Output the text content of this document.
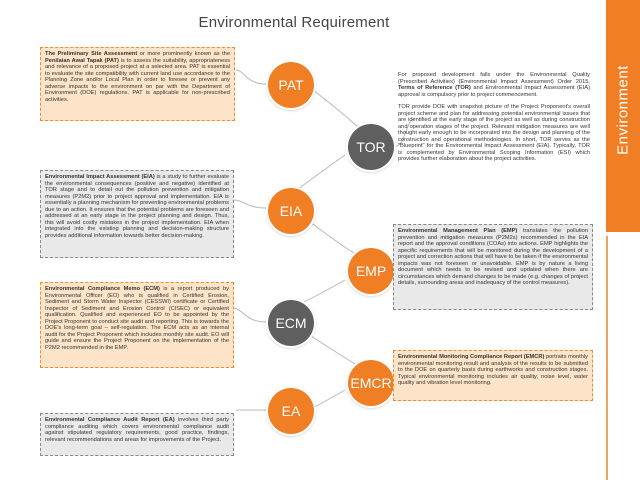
Environmental Requirement
Environment
PAT
TOR
EIA
EMP
ECM
EMCR
EA
The Preliminary Site Assessment or more prominently known as the Penilaian Awal Tapak (PAT) is to assess the suitability, appropriateness and relevance of a proposed project at a selected area. PAT is essential to evaluate the site compatibility with current land use accordance to the Planning Zone and/or Local Plan in order to foresee or prevent any adverse impacts to the environment on par with the Department of Environment (DOE) regulations. PAT is applicable for non-prescribed activities.

For proposed development falls under the Environmental Quality (Prescribed Activities) (Environmental Impact Assessment) Order 2015, Terms of Reference (TOR) and Environmental Impact Assessment (EIA) approval is compulsory prior to project commencement.

TOR provide DOE with snapshot picture of the Project Proponent's overall project scheme and plan for addressing potential environmental issues that are identified at the early stage of the project as well as during construction and operation stages of the project. Relevant mitigation measures are well thought early enough to be incorporated into the design and planning of the construction and operational methodologies. In short, TOR serves as the "Blueprint" for the Environmental Impact Assessment (EIA). Typically, TOR is complemented by Environmental Scoping Information (ESI) which provides further elaboration about the project activities.

Environmental Impact Assessment (EIA) is a study to further evaluate the environmental consequences (positive and negative) identified at TOR stage and to detail out the pollution prevention and mitigation measures (P2M2) prior to project approval and implementation. EIA is essentially a planning mechanism for preventing environmental problems due to an action. It ensures that the potential problems are foreseen and addressed at an early stage in the project planning and design. Thus, this will avoid costly mistakes in the project implementation. EIA when integrated into the existing planning and decision-making structure provides additional information towards better decision-making.
Environmental Management Plan (EMP) translates the pollution prevention and mitigation measures (P2M2s) recommended in the EIA report and the approval conditions (COAs) into actions. EMP highlights the specific requirements that will be monitored during the development of a project and correction actions that will have to be taken if the environmental impacts was not foreseen or unavoidable. EMP is by nature a living document which needs to be revised and updated when there are circumstances which demand changes to be made (e.g. changes of project details, surrounding areas and inadequacy of the control measures).
Environmental Compliance Memo (ECM) is a report produced by Environmental Officer (EO) who is qualified in Certified Erosion, Sediment and Storm Water Inspector (CESSWI) certificate or Certified Inspector of Sediment and Erosion Control (CISEC) or equivalent qualification. Qualified and experienced EO to be appointed by the Project Proponent to conduct site audit and reporting. This is towards the DOE's long-term goal – self-regulation. The ECM acts as an internal audit for the Project Proponent which includes monthly site audit. EO will guide and ensure the Project Proponent on the implementation of the P2M2 recommended in the EMP.
Environmental Monitoring Compliance Report (EMCR) portraits monthly environmental monitoring result and analysis of the results to be submitted to the DOE on quarterly basis during earthworks and construction stages. Typical environmental monitoring includes air quality, noise level, water quality and vibration level monitoring.
Environmental Compliance Audit Report (EA) involves third party compliance auditing which covers environmental compliance audit against stipulated regulatory requirements, good practice, findings, relevant recommendations and areas for improvements of the Project.
